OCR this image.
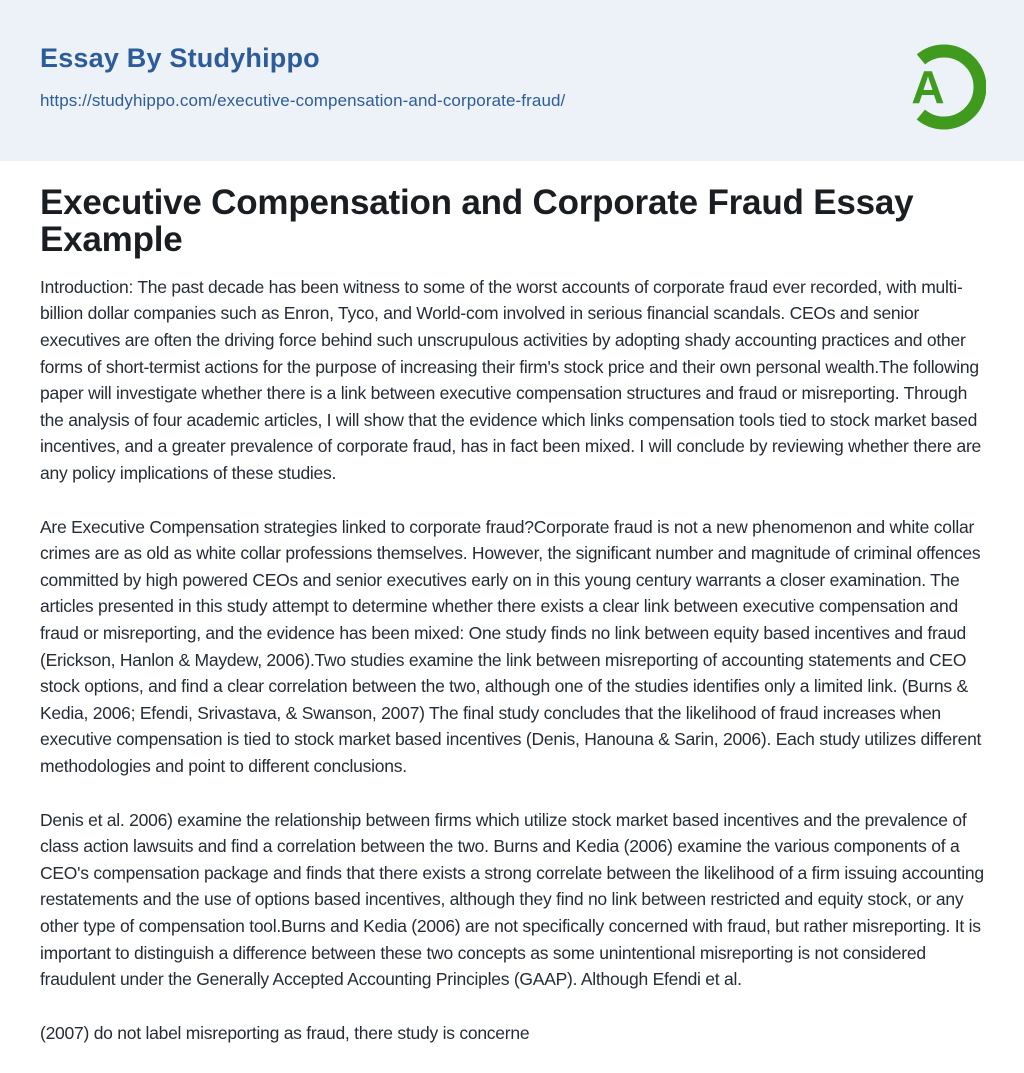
Essay By Studyhippo
https://studyhippo.com/executive-compensation-and-corporate-fraud/	A
Executive Compensation and Corporate Fraud Essay Example

Introduction: The past decade has been witness to some of the worst accounts of corporate fraud ever recorded, with multi-billion dollar companies such as Enron, Tyco, and World-com involved in serious financial scandals. CEOs and senior executives are often the driving force behind such unscrupulous activities by adopting shady accounting practices and other forms of short-termist actions for the purpose of increasing their firm's stock price and their own personal wealth.The following paper will investigate whether there is a link between executive compensation structures and fraud or misreporting. Through the analysis of four academic articles, I will show that the evidence which links compensation tools tied to stock market based incentives, and a greater prevalence of corporate fraud, has in fact been mixed. I will conclude by reviewing whether there are any policy implications of these studies.

Are Executive Compensation strategies linked to corporate fraud?Corporate fraud is not a new phenomenon and white collar crimes are as old as white collar professions themselves. However, the significant number and magnitude of criminal offences committed by high powered CEOs and senior executives early on in this young century warrants a closer examination. The articles presented in this study attempt to determine whether there exists a clear link between executive compensation and fraud or misreporting, and the evidence has been mixed: One study finds no link between equity based incentives and fraud (Erickson, Hanlon & Maydew, 2006).Two studies examine the link between misreporting of accounting statements and CEO stock options, and find a clear correlation between the two, although one of the studies identifies only a limited link. (Burns & Kedia, 2006; Efendi, Srivastava, & Swanson, 2007) The final study concludes that the likelihood of fraud increases when executive compensation is tied to stock market based incentives (Denis, Hanouna & Sarin, 2006). Each study utilizes different methodologies and point to different conclusions.

Denis et al. 2006) examine the relationship between firms which utilize stock market based incentives and the prevalence of class action lawsuits and find a correlation between the two. Burns and Kedia (2006) examine the various components of a CEO's compensation package and finds that there exists a strong correlate between the likelihood of a firm issuing accounting restatements and the use of options based incentives, although they find no link between restricted and equity stock, or any other type of compensation tool.Burns and Kedia (2006) are not specifically concerned with fraud, but rather misreporting. It is important to distinguish a difference between these two concepts as some unintentional misreporting is not considered fraudulent under the Generally Accepted Accounting Principles (GAAP). Although Efendi et al.

(2007) do not label misreporting as fraud, there study is concerne
